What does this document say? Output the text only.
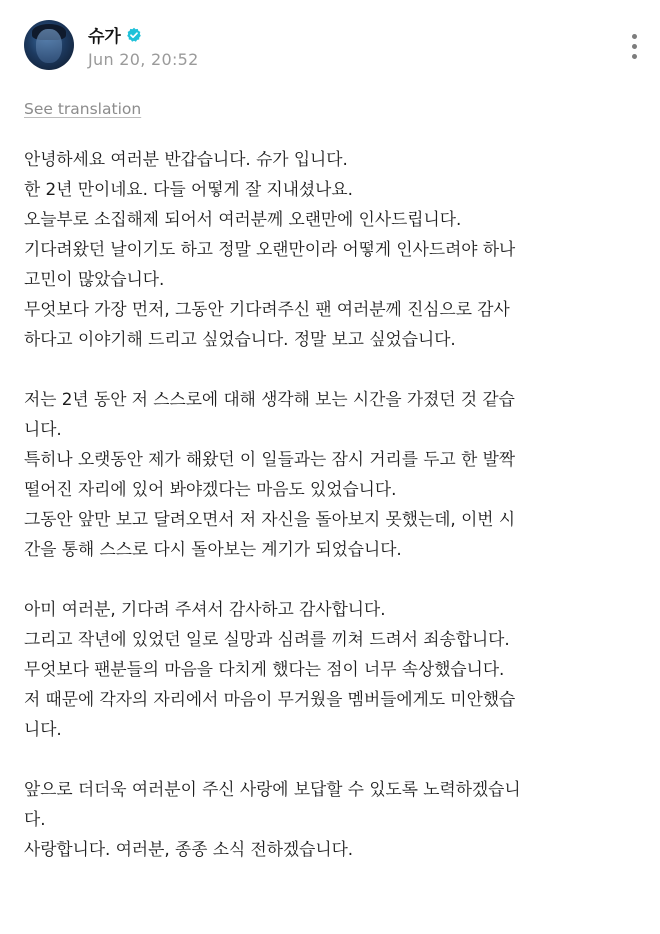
슈가
Jun 20, 20:52
See translation

안녕하세요 여러분 반갑습니다. 슈가 입니다.
한 2년 만이네요. 다들 어떻게 잘 지내셨나요.
오늘부로 소집해제 되어서 여러분께 오랜만에 인사드립니다.
기다려왔던 날이기도 하고 정말 오랜만이라 어떻게 인사드려야 하나
고민이 많았습니다.
무엇보다 가장 먼저, 그동안 기다려주신 팬 여러분께 진심으로 감사
하다고 이야기해 드리고 싶었습니다. 정말 보고 싶었습니다.

저는 2년 동안 저 스스로에 대해 생각해 보는 시간을 가졌던 것 같습
니다.
특히나 오랫동안 제가 해왔던 이 일들과는 잠시 거리를 두고 한 발짝
떨어진 자리에 있어 봐야겠다는 마음도 있었습니다.
그동안 앞만 보고 달려오면서 저 자신을 돌아보지 못했는데, 이번 시
간을 통해 스스로 다시 돌아보는 계기가 되었습니다.

아미 여러분, 기다려 주셔서 감사하고 감사합니다.
그리고 작년에 있었던 일로 실망과 심려를 끼쳐 드려서 죄송합니다.
무엇보다 팬분들의 마음을 다치게 했다는 점이 너무 속상했습니다.
저 때문에 각자의 자리에서 마음이 무거웠을 멤버들에게도 미안했습
니다.

앞으로 더더욱 여러분이 주신 사랑에 보답할 수 있도록 노력하겠습니
다.
사랑합니다. 여러분, 종종 소식 전하겠습니다.
